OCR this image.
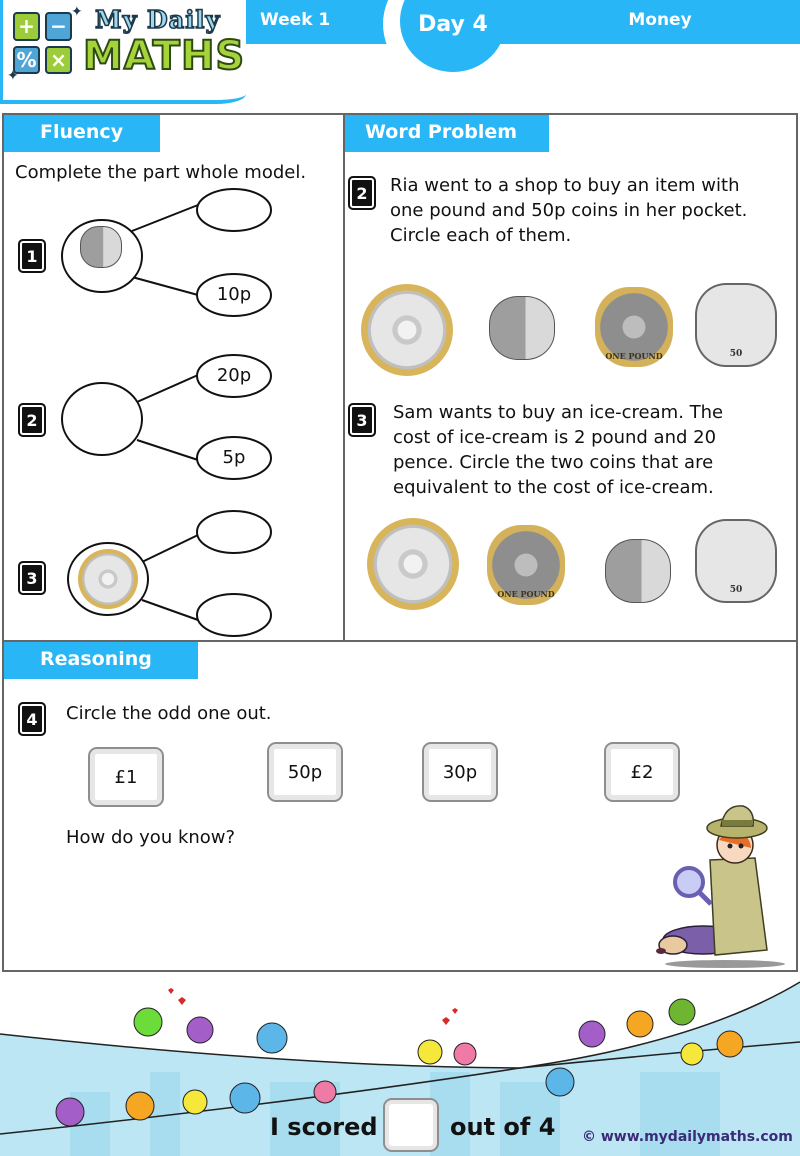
+ −
% ×
✦
✦
My Daily
MATHS
Week 1	Day 4	Money
Fluency
Complete the part whole model.
1
10p
2
20p
5p
3
Word Problem
2	Ria went to a shop to buy an item with
one pound and 50p coins in her pocket.
Circle each of them.
ONE POUND	50
3	Sam wants to buy an ice-cream. The
cost of ice-cream is 2 pound and 20
pence. Circle the two coins that are
equivalent to the cost of ice-cream.
ONE POUND	50
Reasoning
4	Circle the odd one out.
£1	50p	30p	£2
How do you know?
I scored	out of 4 © www.mydailymaths.com
